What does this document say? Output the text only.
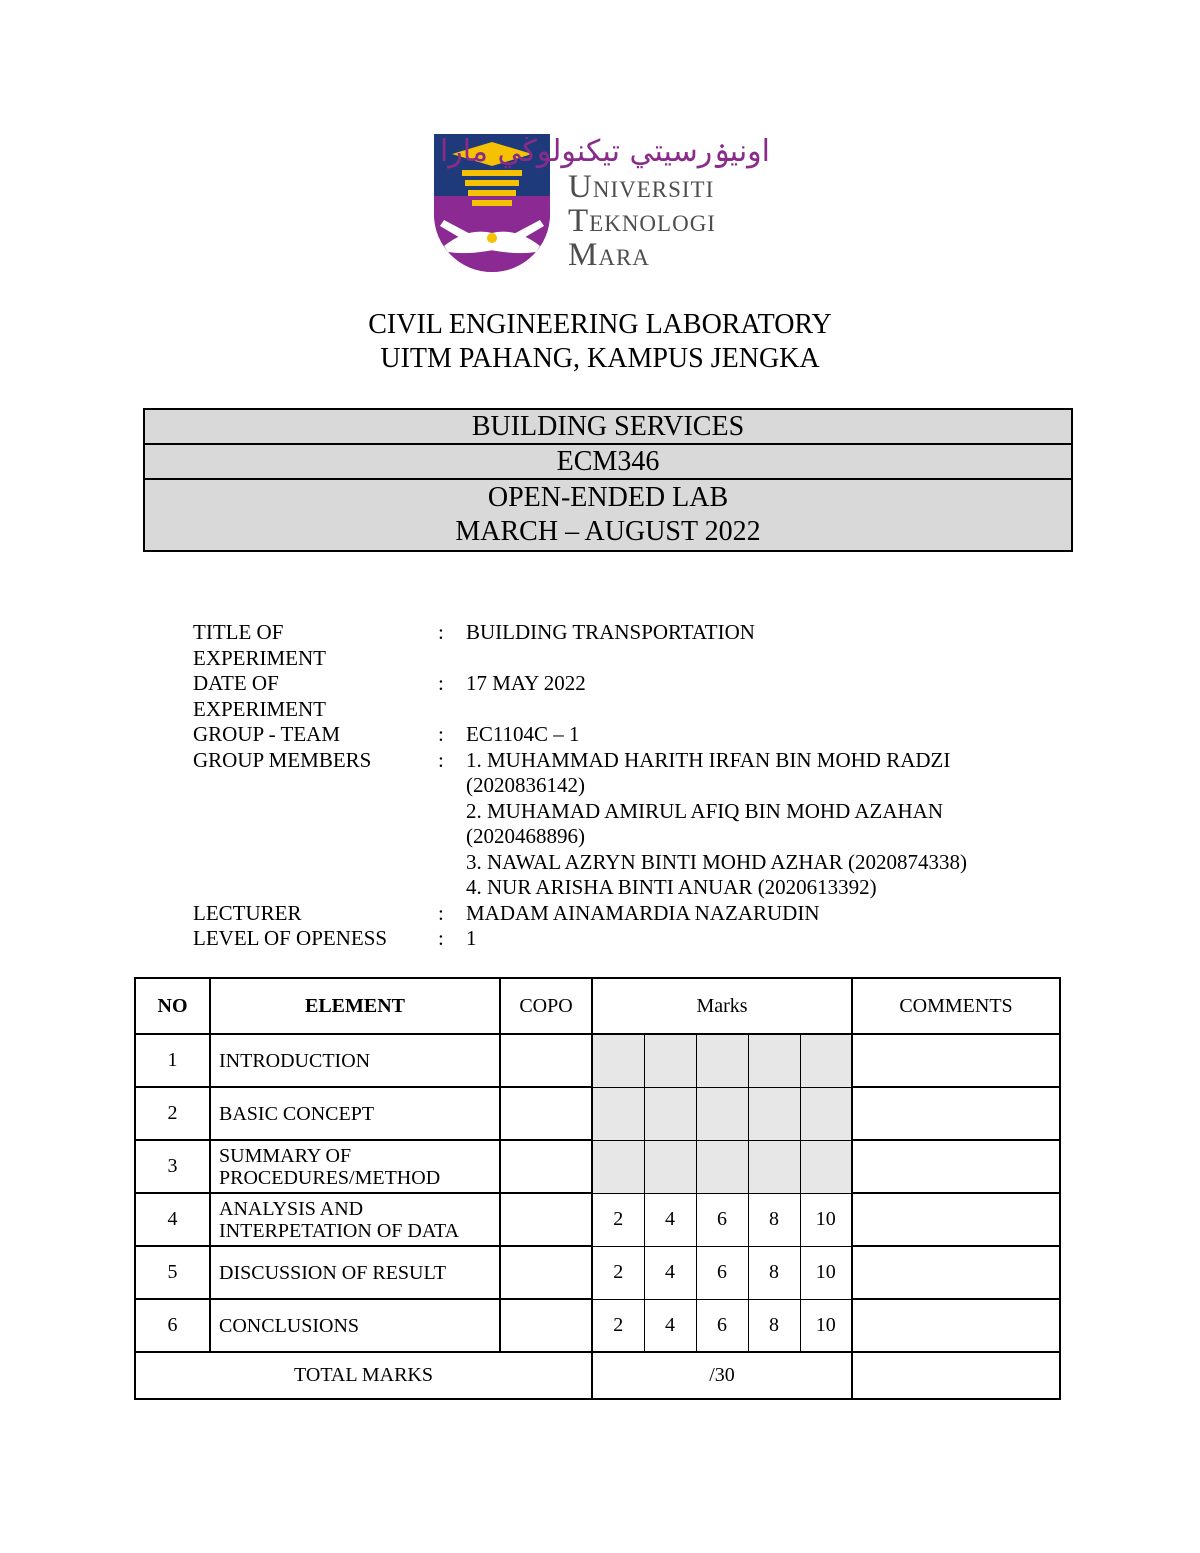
اونيۏرسيتي تيكنولوڬي مارا
Universiti
Teknologi
Mara
CIVIL ENGINEERING LABORATORY
UITM PAHANG, KAMPUS JENGKA
BUILDING SERVICES
ECM346
OPEN-ENDED LAB
MARCH – AUGUST 2022
TITLE OF EXPERIMENT
:	BUILDING TRANSPORTATION
DATE OF EXPERIMENT
:	17 MAY 2022
GROUP - TEAM	:	EC1104C – 1
GROUP MEMBERS	:	1. MUHAMMAD HARITH IRFAN BIN MOHD RADZI
(2020836142)
2. MUHAMAD AMIRUL AFIQ BIN MOHD AZAHAN
(2020468896)
3. NAWAL AZRYN BINTI MOHD AZHAR (2020874338)
4. NUR ARISHA BINTI ANUAR (2020613392)
LECTURER	:	MADAM AINAMARDIA NAZARUDIN
LEVEL OF OPENESS	:	1
NO	ELEMENT	COPO	Marks					COMMENTS
1	INTRODUCTION							
2	BASIC CONCEPT							
3	SUMMARY OF PROCEDURES/METHOD							
4	ANALYSIS AND INTERPETATION OF DATA		2	4	6	8	10	
5	DISCUSSION OF RESULT		2	4	6	8	10	
6	CONCLUSIONS		2	4	6	8	10	
TOTAL MARKS			/30					
